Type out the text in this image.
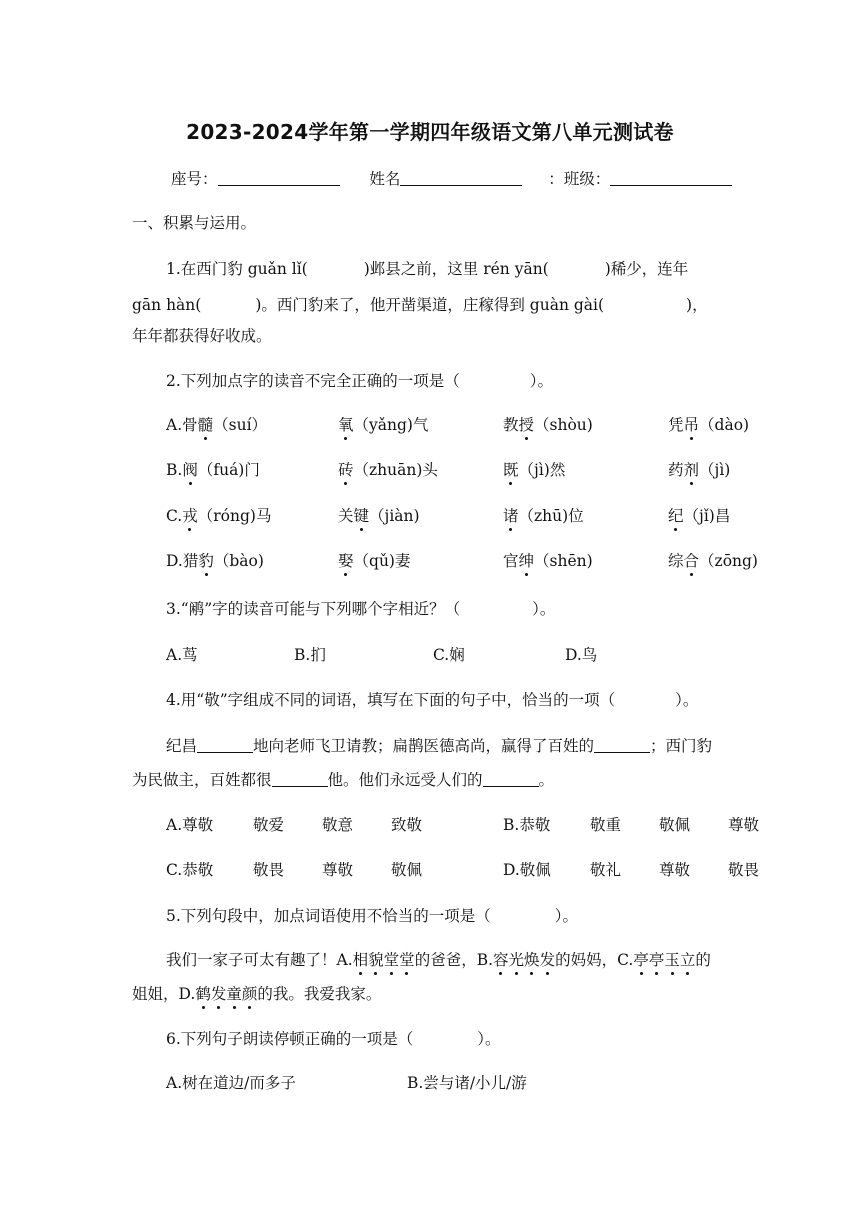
2023-2024学年第一学期四年级语文第八单元测试卷
座号：	姓名	：班级：
一、积累与运用。
1.在西门豹 guǎn lǐ(	)邺县之前，这里 rén yān(	)稀少，连年
gān hàn(	)。西门豹来了，他开凿渠道，庄稼得到 guàn gài(	)，
年年都获得好收成。
2.下列加点字的读音不完全正确的一项是（	）。
A.骨髓（suí）	氧（yǎng)气	教授（shòu)	凭吊（dào)
B.阀（fuá)门	砖（zhuān)头	既（jì)然	药剂（jì)
C.戎（róng)马	关键（jiàn)	诸（zhū)位	纪（jǐ)昌
D.猎豹（bào)	娶（qǔ)妻	官绅（shēn)	综合（zōng)
3.“鹇”字的读音可能与下列哪个字相近？（	）。
A.茑	B.扪	C.娴	D.鸟
4.用“敬”字组成不同的词语，填写在下面的句子中，恰当的一项（	）。
纪昌	地向老师飞卫请教；扁鹊医德高尚，赢得了百姓的	；西门豹
为民做主，百姓都很	他。他们永远受人们的	。
A.尊敬	敬爱 敬意 致敬	B.恭敬	敬重 敬佩 尊敬
C.恭敬	敬畏 尊敬 敬佩	D.敬佩	敬礼 尊敬 敬畏
5.下列句段中，加点词语使用不恰当的一项是（	）。
我们一家子可太有趣了！A.相貌堂堂的爸爸，B.容光焕发的妈妈，C.亭亭玉立的
姐姐，D.鹤发童颜的我。我爱我家。
6.下列句子朗读停顿正确的一项是（	）。
A.树在道边/而多子	B.尝与诸/小儿/游
